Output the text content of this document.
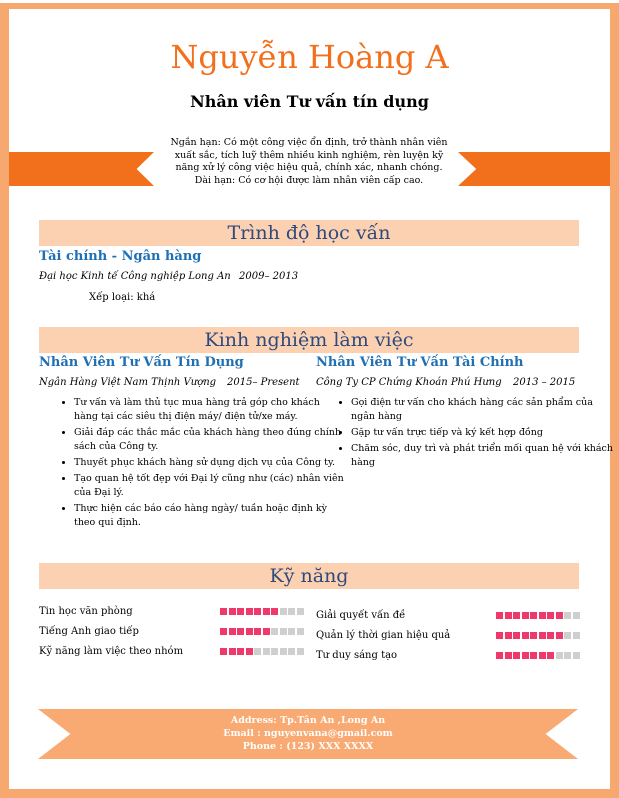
Nguyễn Hoàng A
Nhân viên Tư vấn tín dụng
Ngắn hạn: Có một công việc ổn định, trở thành nhân viên
xuất sắc, tích luỹ thêm nhiều kinh nghiệm, rèn luyện kỹ
năng xử lý công việc hiệu quả, chính xác, nhanh chóng.
Dài hạn: Có cơ hội được làm nhân viên cấp cao.
Trình độ học vấn
Tài chính - Ngân hàng
Đại học Kinh tế Công nghiệp Long An 2009– 2013
Xếp loại: khá
Kinh nghiệm làm việc
Nhân Viên Tư Vấn Tín Dụng
Ngân Hàng Việt Nam Thịnh Vượng 2015– Present
• Tư vấn và làm thủ tục mua hàng trả góp cho khách hàng tại các siêu thị điện máy/ điện tử/xe máy.
• Giải đáp các thắc mắc của khách hàng theo đúng chính sách của Công ty.
• Thuyết phục khách hàng sử dụng dịch vụ của Công ty.
• Tạo quan hệ tốt đẹp với Đại lý cũng như (các) nhân viên của Đại lý.
• Thực hiện các báo cáo hàng ngày/ tuần hoặc định kỳ theo qui định.
Nhân Viên Tư Vấn Tài Chính
Công Ty CP Chứng Khoán Phú Hưng 2013 – 2015
• Gọi điện tư vấn cho khách hàng các sản phẩm của ngân hàng
• Gặp tư vấn trực tiếp và ký kết hợp đồng
• Chăm sóc, duy trì và phát triển mối quan hệ với khách hàng
Kỹ năng
Tin học văn phòng
Tiếng Anh giao tiếp
Kỹ năng làm việc theo nhóm
Giải quyết vấn đề
Quản lý thời gian hiệu quả
Tư duy sáng tạo
Address: Tp.Tân An ,Long An
Email : nguyenvana@gmail.com
Phone : (123) XXX XXXX
